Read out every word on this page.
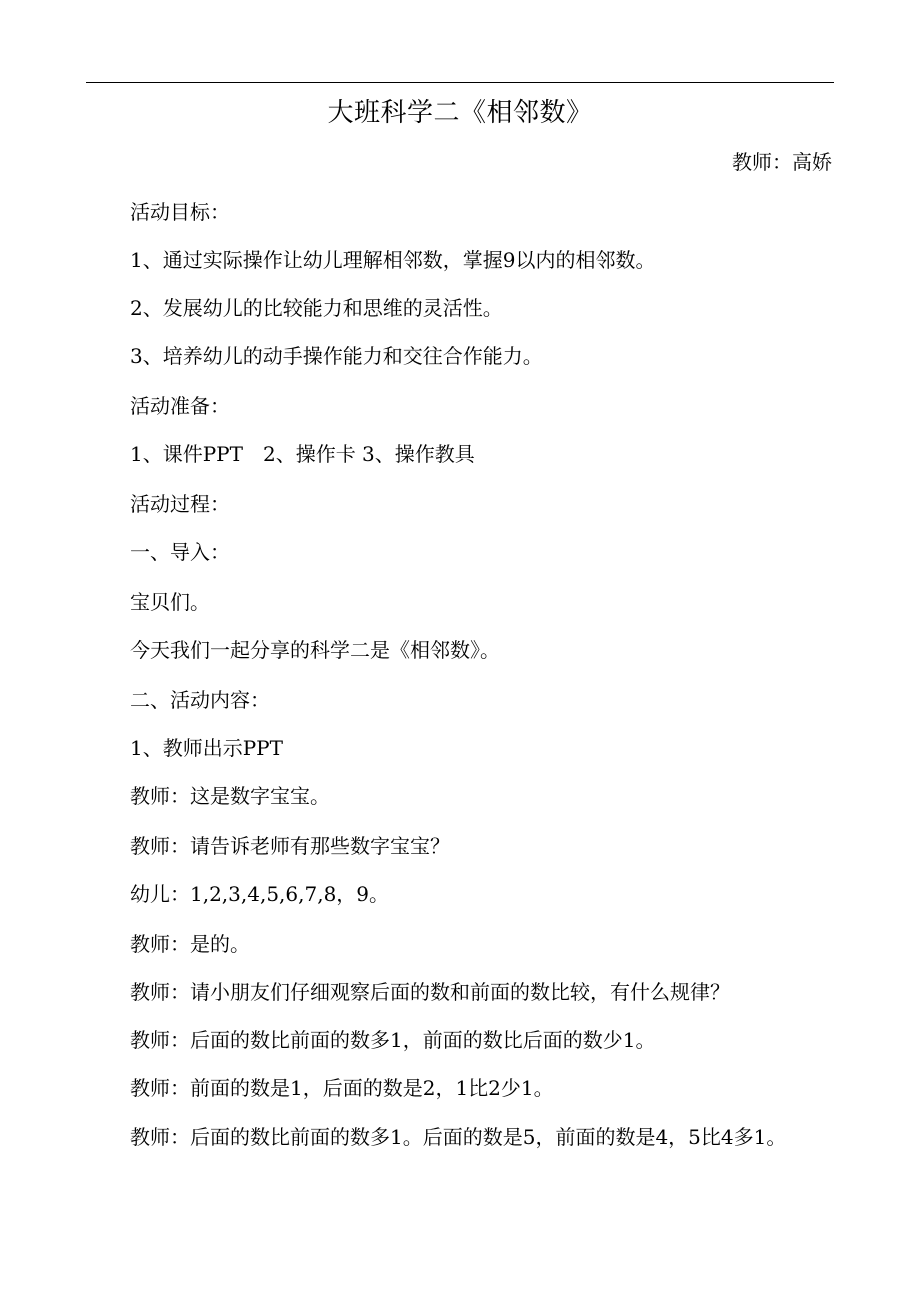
大班科学二《相邻数》
教师：高娇
活动目标：
1、通过实际操作让幼儿理解相邻数，掌握9以内的相邻数。
2、发展幼儿的比较能力和思维的灵活性。
3、培养幼儿的动手操作能力和交往合作能力。
活动准备：
1、课件PPT　2、操作卡 3、操作教具
活动过程：
一、导入：
宝贝们。
今天我们一起分享的科学二是《相邻数》。
二、活动内容：
1、教师出示PPT
教师：这是数字宝宝。
教师：请告诉老师有那些数字宝宝？
幼儿：1,2,3,4,5,6,7,8，9。
教师：是的。
教师：请小朋友们仔细观察后面的数和前面的数比较，有什么规律？
教师：后面的数比前面的数多1，前面的数比后面的数少1。
教师：前面的数是1，后面的数是2，1比2少1。
教师：后面的数比前面的数多1。后面的数是5，前面的数是4，5比4多1。
